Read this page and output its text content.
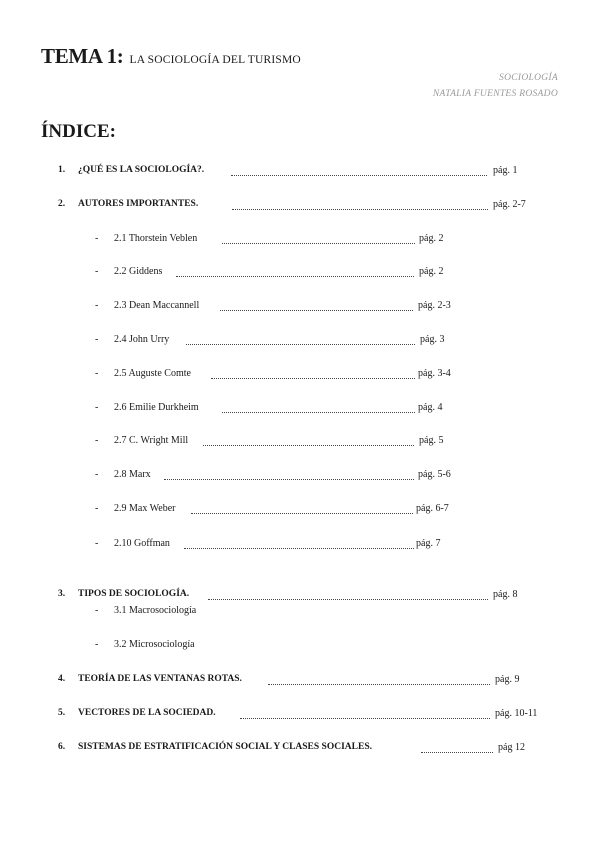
TEMA 1: LA SOCIOLOGÍA DEL TURISMO
SOCIOLOGÍA
NATALIA FUENTES ROSADO
ÍNDICE:
1. ¿QUÉ ES LA SOCIOLOGÍA?.	pág. 1
2. AUTORES IMPORTANTES.	pág. 2-7
- 2.1 Thorstein Veblen	pág. 2
- 2.2 Giddens	pág. 2
- 2.3 Dean Maccannell	pág. 2-3
- 2.4 John Urry	pág. 3
- 2.5 Auguste Comte	pág. 3-4
- 2.6 Emilie Durkheim	pág. 4
- 2.7 C. Wright Mill	pág. 5
- 2.8 Marx	pág. 5-6
- 2.9 Max Weber	pág. 6-7
- 2.10 Goffman	pág. 7
3. TIPOS DE SOCIOLOGÍA.	pág. 8
- 3.1 Macrosociología
- 3.2 Microsociología
4. TEORÍA DE LAS VENTANAS ROTAS.	pág. 9
5. VECTORES DE LA SOCIEDAD.	pág. 10-11
6. SISTEMAS DE ESTRATIFICACIÓN SOCIAL Y CLASES SOCIALES.	pág 12
